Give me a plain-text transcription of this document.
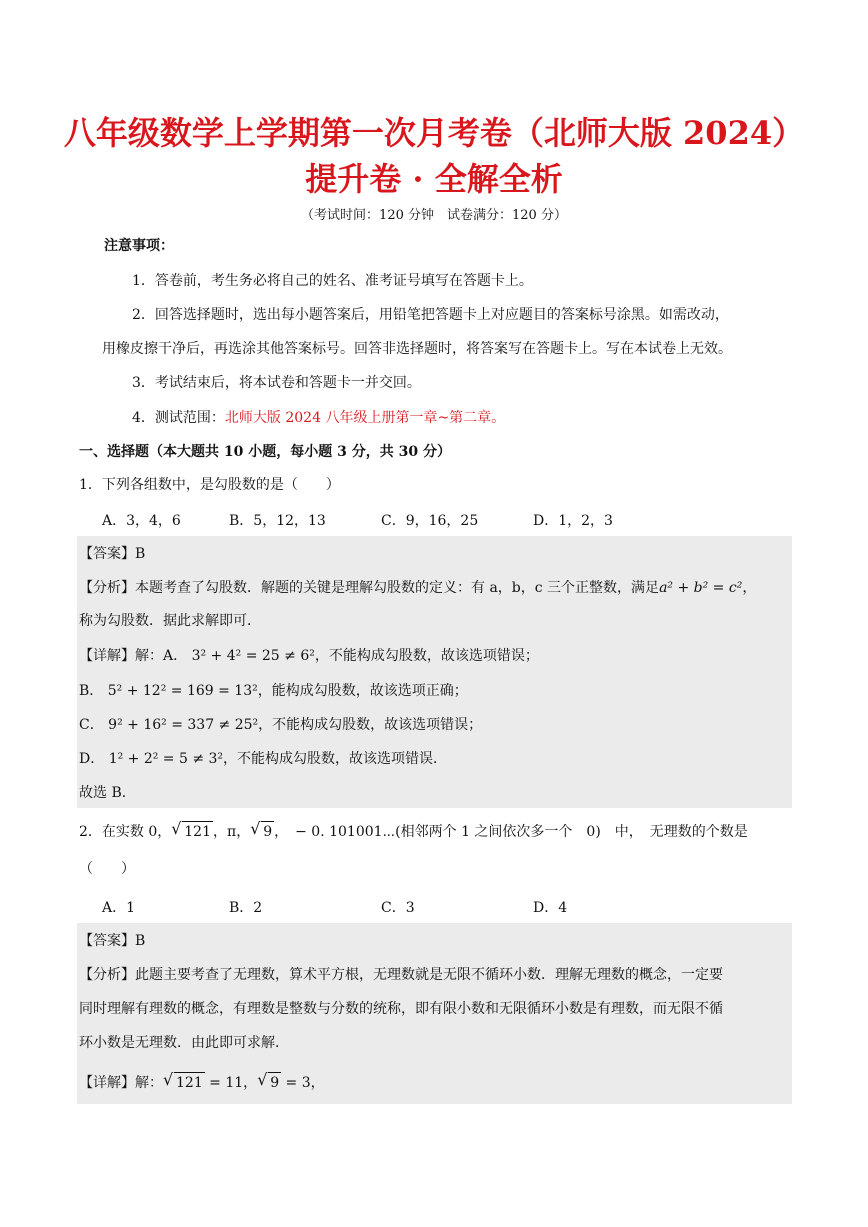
八年级数学上学期第一次月考卷（北师大版 2024）
提升卷 · 全解全析
（考试时间：120 分钟　试卷满分：120 分）
注意事项：
1．答卷前，考生务必将自己的姓名、准考证号填写在答题卡上。
2．回答选择题时，选出每小题答案后，用铅笔把答题卡上对应题目的答案标号涂黑。如需改动，
用橡皮擦干净后，再选涂其他答案标号。回答非选择题时，将答案写在答题卡上。写在本试卷上无效。
3．考试结束后，将本试卷和答题卡一并交回。
4．测试范围：北师大版 2024 八年级上册第一章~第二章。
一、选择题（本大题共 10 小题，每小题 3 分，共 30 分）
1．下列各组数中，是勾股数的是（　　）
A．3，4，6	B．5，12，13	C．9，16，25	D．1，2，3
【答案】B
【分析】本题考查了勾股数．解题的关键是理解勾股数的定义：有 a，b，c 三个正整数，满足a² + b² = c²，
称为勾股数．据此求解即可．
【详解】解：A． 3² + 4² = 25 ≠ 6²，不能构成勾股数，故该选项错误；
B． 5² + 12² = 169 = 13²，能构成勾股数，故该选项正确；
C． 9² + 16² = 337 ≠ 25²，不能构成勾股数，故该选项错误；
D． 1² + 2² = 5 ≠ 3²，不能构成勾股数，故该选项错误．
故选 B．
2．在实数 0， √ 121 ，π， √ 9 ，　− 0. 101001⋯(相邻两个 1 之间依次多一个　0)　中，　无理数的个数是
（　　）
A．1	B．2	C．3	D．4
【答案】B
【分析】此题主要考查了无理数，算术平方根，无理数就是无限不循环小数．理解无理数的概念，一定要
同时理解有理数的概念，有理数是整数与分数的统称，即有限小数和无限循环小数是有理数，而无限不循
环小数是无理数．由此即可求解．
【详解】解： √ 121 = 11， √ 9 = 3，
